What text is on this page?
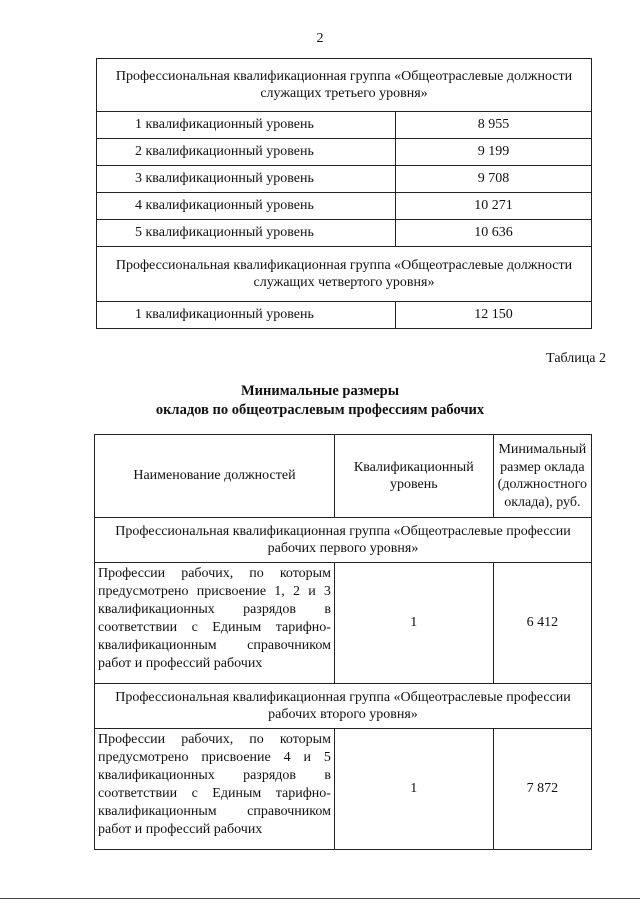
2
Профессиональная квалификационная группа «Общеотраслевые должности служащих третьего уровня»	
1 квалификационный уровень	8 955
2 квалификационный уровень	9 199
3 квалификационный уровень	9 708
4 квалификационный уровень	10 271
5 квалификационный уровень	10 636
Профессиональная квалификационная группа «Общеотраслевые должности служащих четвертого уровня»	
1 квалификационный уровень	12 150
Таблица 2
Минимальные размеры
окладов по общеотраслевым профессиям рабочих
Наименование должностей	Квалификационный уровень	Минимальный размер оклада (должностного оклада), руб.
Профессиональная квалификационная группа «Общеотраслевые профессии рабочих первого уровня»		
Профессии рабочих, по которым предусмотрено присвоение 1, 2 и 3 квалификационных разрядов в соответствии с Единым тарифно-квалификационным справочником работ и профессий рабочих	1	6 412
Профессиональная квалификационная группа «Общеотраслевые профессии рабочих второго уровня»		
Профессии рабочих, по которым предусмотрено присвоение 4 и 5 квалификационных разрядов в соответствии с Единым тарифно-квалификационным справочником работ и профессий рабочих	1	7 872
